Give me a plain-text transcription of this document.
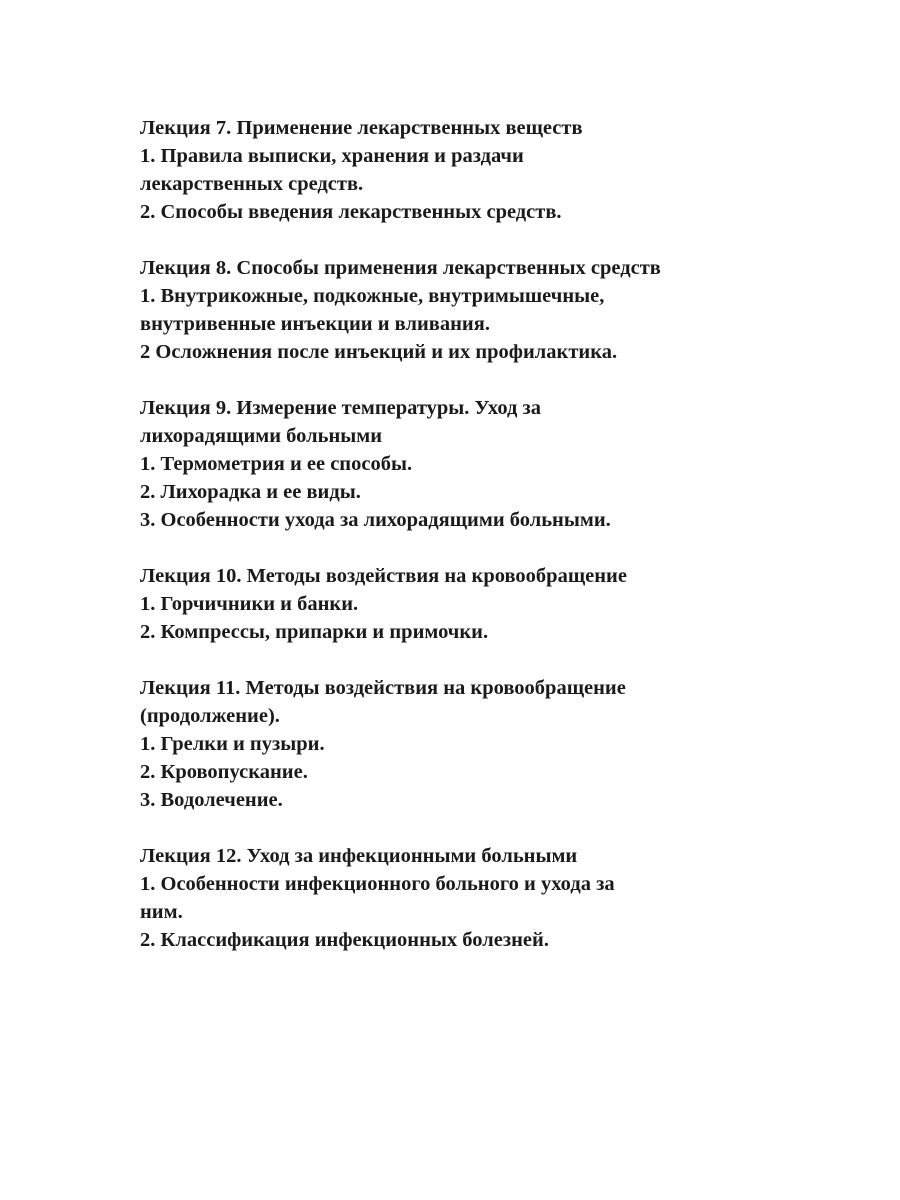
Лекция 7. Применение лекарственных веществ
1. Правила выписки, хранения и раздачи
лекарственных средств.
2. Способы введения лекарственных средств.
Лекция 8. Способы применения лекарственных средств
1. Внутрикожные, подкожные, внутримышечные,
внутривенные инъекции и вливания.
2 Осложнения после инъекций и их профилактика.
Лекция 9. Измерение температуры. Уход за
лихорадящими больными
1. Термометрия и ее способы.
2. Лихорадка и ее виды.
3. Особенности ухода за лихорадящими больными.
Лекция 10. Методы воздействия на кровообращение
1. Горчичники и банки.
2. Компрессы, припарки и примочки.
Лекция 11. Методы воздействия на кровообращение
(продолжение).
1. Грелки и пузыри.
2. Кровопускание.
3. Водолечение.
Лекция 12. Уход за инфекционными больными
1. Особенности инфекционного больного и ухода за
ним.
2. Классификация инфекционных болезней.
